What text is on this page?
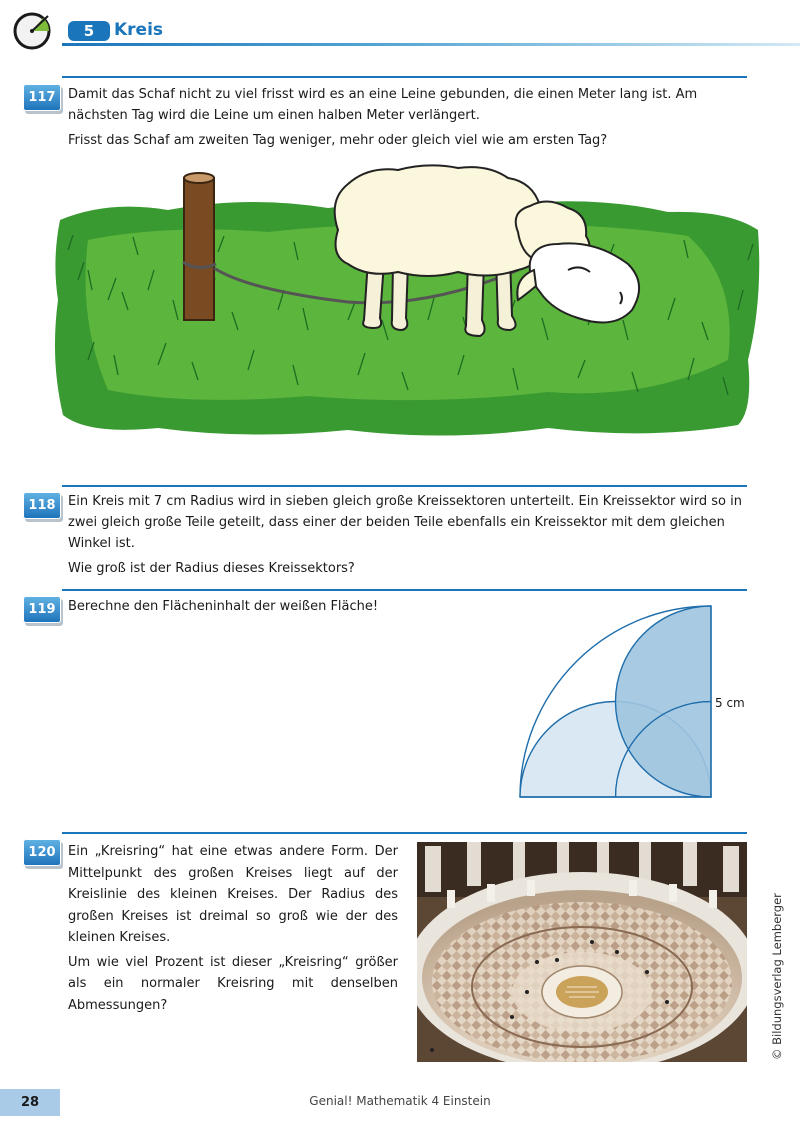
5	Kreis
117 Damit das Schaf nicht zu viel frisst wird es an eine Leine gebunden, die einen Meter lang ist. Am nächsten Tag wird die Leine um einen halben Meter verlängert.

Frisst das Schaf am zweiten Tag weniger, mehr oder gleich viel wie am ersten Tag?

118 Ein Kreis mit 7 cm Radius wird in sieben gleich große Kreissektoren unterteilt. Ein Kreissektor wird so in zwei gleich große Teile geteilt, dass einer der beiden Teile ebenfalls ein Kreissektor mit dem gleichen Winkel ist.

Wie groß ist der Radius dieses Kreissektors?

119 Berechne den Flächeninhalt der weißen Fläche!

5 cm
120 Ein „Kreisring“ hat eine etwas andere Form. Der Mittelpunkt des großen Kreises liegt auf der Kreislinie des kleinen Kreises. Der Radius des großen Kreises ist dreimal so groß wie der des kleinen Kreises.

Um wie viel Prozent ist dieser „Kreisring“ größer als ein normaler Kreisring mit denselben Abmessungen?	© Bildungsverlag Lemberger
28	Genial! Mathematik 4 Einstein
